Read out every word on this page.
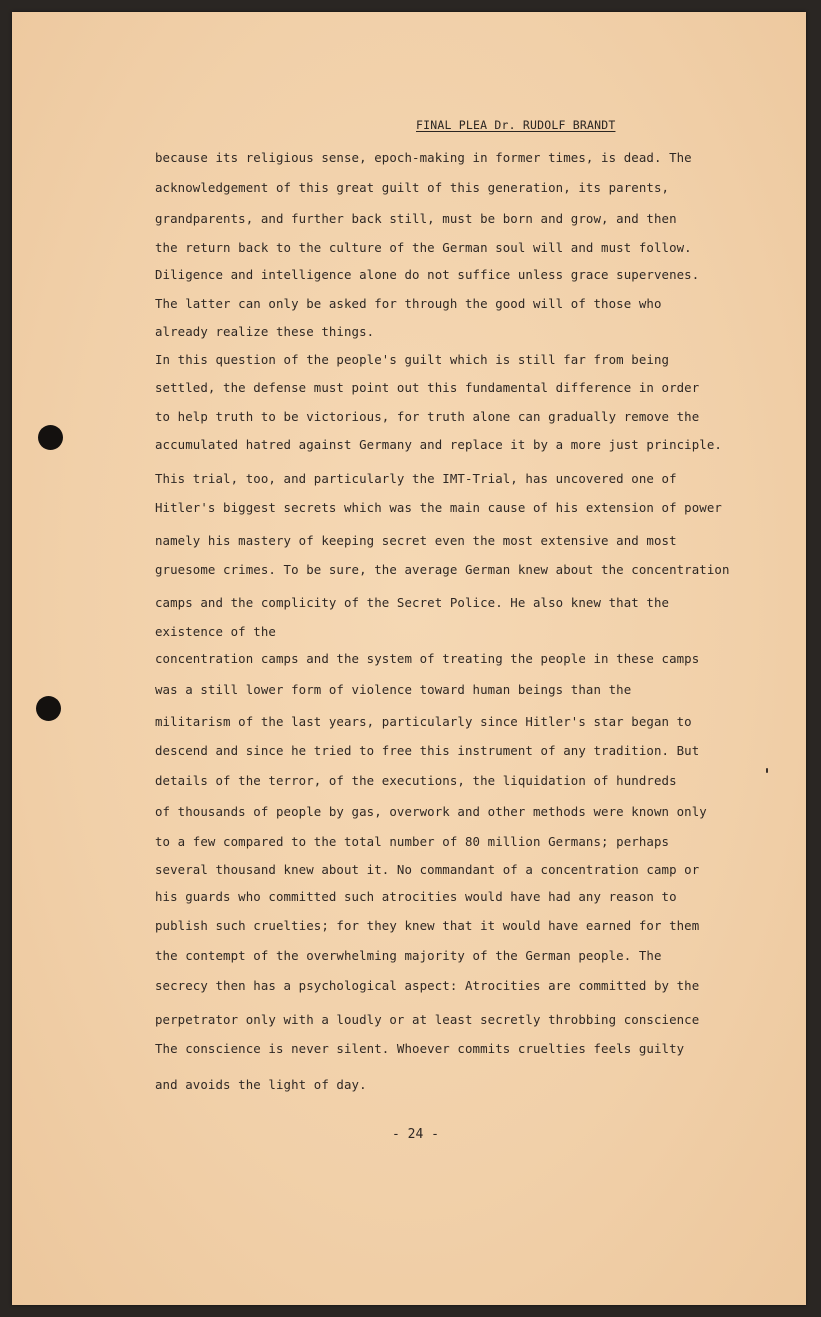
FINAL PLEA Dr. RUDOLF BRANDT
because its religious sense, epoch-making in former times, is dead. The
acknowledgement of this great guilt of this generation, its parents,
grandparents, and further back still, must be born and grow, and then
the return back to the culture of the German soul will and must follow.
Diligence and intelligence alone do not suffice unless grace supervenes.
The latter can only be asked for through the good will of those who
already realize these things.
In this question of the people's guilt which is still far from being
settled, the defense must point out this fundamental difference in order
to help truth to be victorious, for truth alone can gradually remove the
accumulated hatred against Germany and replace it by a more just principle.
This trial, too, and particularly the IMT-Trial, has uncovered one of
Hitler's biggest secrets which was the main cause of his extension of power
namely his mastery of keeping secret even the most extensive and most
gruesome crimes. To be sure, the average German knew about the concentration
camps and the complicity of the Secret Police. He also knew that the
existence of the
concentration camps and the system of treating the people in these camps
was a still lower form of violence toward human beings than the
militarism of the last years, particularly since Hitler's star began to
descend and since he tried to free this instrument of any tradition. But
details of the terror, of the executions, the liquidation of hundreds
of thousands of people by gas, overwork and other methods were known only
to a few compared to the total number of 80 million Germans; perhaps
several thousand knew about it. No commandant of a concentration camp or
his guards who committed such atrocities would have had any reason to
publish such cruelties; for they knew that it would have earned for them
the contempt of the overwhelming majority of the German people. The
secrecy then has a psychological aspect: Atrocities are committed by the
perpetrator only with a loudly or at least secretly throbbing conscience
The conscience is never silent. Whoever commits cruelties feels guilty
and avoids the light of day.
- 24 -
